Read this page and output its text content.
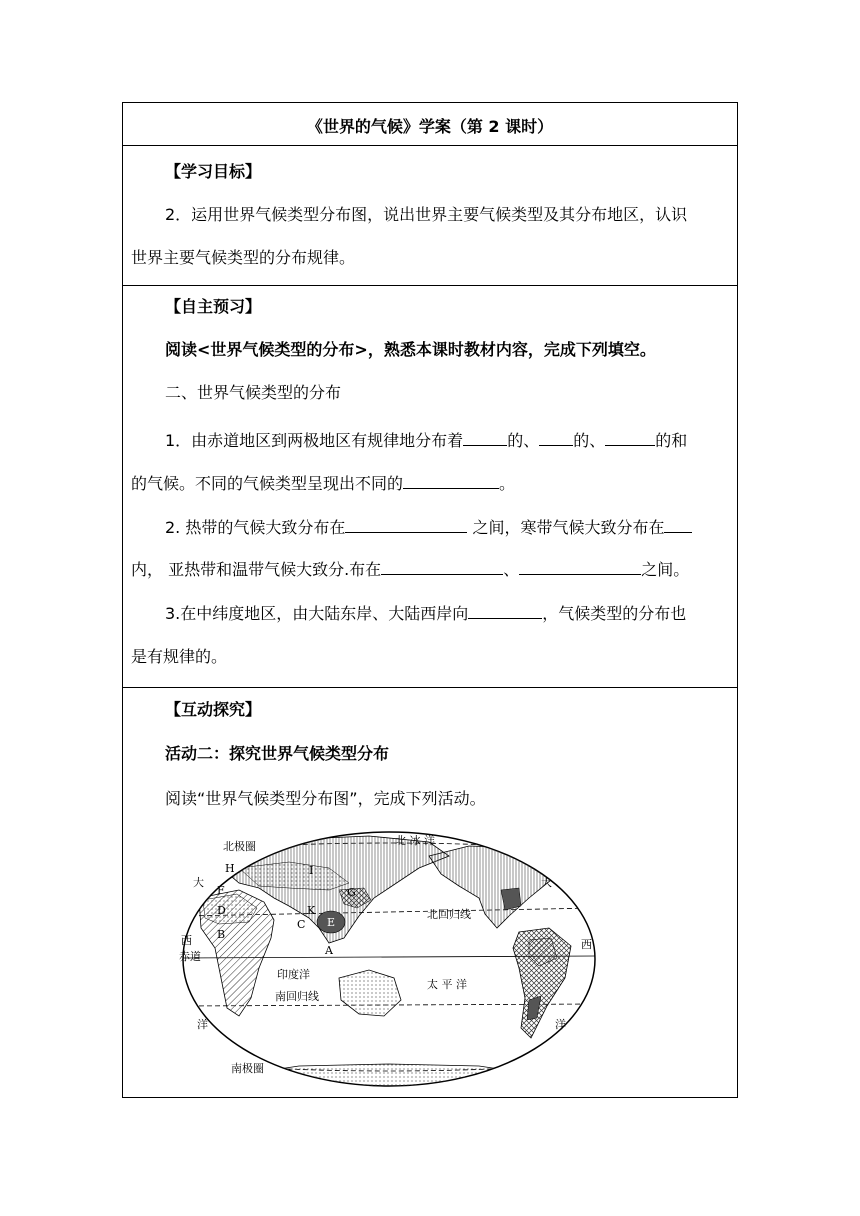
《世界的气候》学案（第 2 课时）
【学习目标】
2．运用世界气候类型分布图，说出世界主要气候类型及其分布地区，认识
世界主要气候类型的分布规律。
【自主预习】
阅读<世界气候类型的分布>，熟悉本课时教材内容，完成下列填空。
二、世界气候类型的分布
1．由赤道地区到两极地区有规律地分布着	的、 的、	的和
的气候。不同的气候类型呈现出不同的	。
2. 热带的气候大致分布在	之间，寒带气候大致分布在
内， 亚热带和温带气候大致分.布在	、	之间。
3.在中纬度地区，由大陆东岸、大陆西岸向	，气候类型的分布也
是有规律的。
【互动探究】
活动二：探究世界气候类型分布
阅读“世界气候类型分布图”，完成下列活动。
北极圈	北 冰 洋
北回归线
赤道
印度洋
太 平 洋
南回归线
南极圈
大
西
洋
大
西
洋
H
F
I
D
B
G
K
C E
A
